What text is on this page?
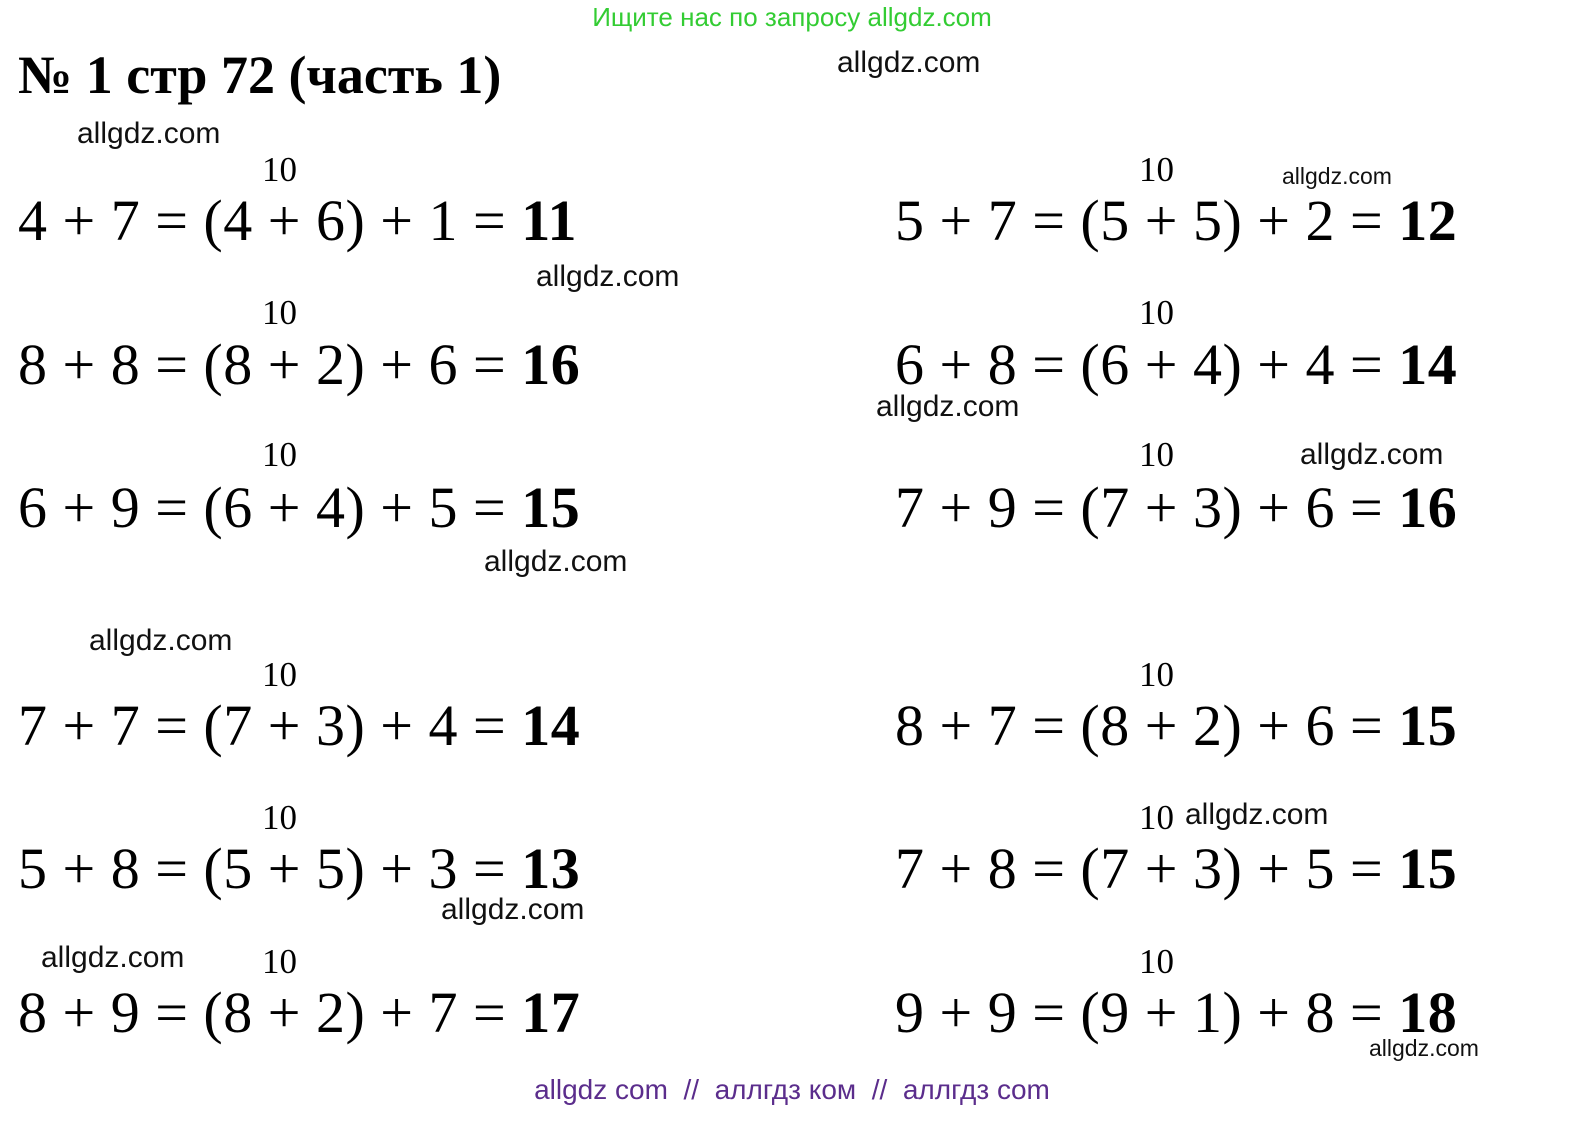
Ищите нас по запросу allgdz.com
№ 1 стр 72 (часть 1)	allgdz.com
allgdz.com
allgdz.com
allgdz.com
allgdz.com
allgdz.com
allgdz.com
allgdz.com
allgdz.com
allgdz.com
allgdz.com
allgdz.com
10	10
10	10
10	10
10	10
10	10
10	10
4 + 7 = (4 + 6) + 1 = 11	5 + 7 = (5 + 5) + 2 = 12
8 + 8 = (8 + 2) + 6 = 16	6 + 8 = (6 + 4) + 4 = 14
6 + 9 = (6 + 4) + 5 = 15	7 + 9 = (7 + 3) + 6 = 16
7 + 7 = (7 + 3) + 4 = 14	8 + 7 = (8 + 2) + 6 = 15
5 + 8 = (5 + 5) + 3 = 13	7 + 8 = (7 + 3) + 5 = 15
8 + 9 = (8 + 2) + 7 = 17	9 + 9 = (9 + 1) + 8 = 18
allgdz com  //  аллгдз ком  //  аллгдз com
